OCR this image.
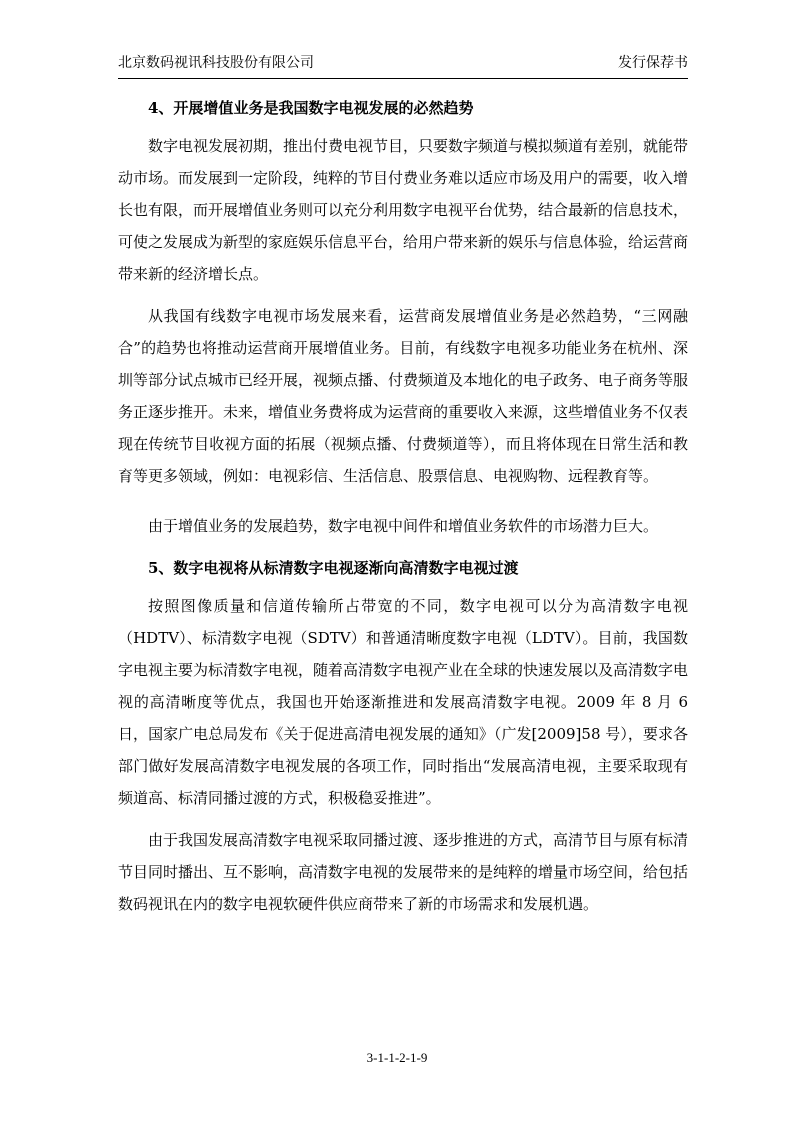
北京数码视讯科技股份有限公司	发行保荐书
4、开展增值业务是我国数字电视发展的必然趋势

数字电视发展初期，推出付费电视节目，只要数字频道与模拟频道有差别，就能带动市场。而发展到一定阶段，纯粹的节目付费业务难以适应市场及用户的需要，收入增长也有限，而开展增值业务则可以充分利用数字电视平台优势，结合最新的信息技术，可使之发展成为新型的家庭娱乐信息平台，给用户带来新的娱乐与信息体验，给运营商带来新的经济增长点。

从我国有线数字电视市场发展来看，运营商发展增值业务是必然趋势，“三网融合”的趋势也将推动运营商开展增值业务。目前，有线数字电视多功能业务在杭州、深圳等部分试点城市已经开展，视频点播、付费频道及本地化的电子政务、电子商务等服务正逐步推开。未来，增值业务费将成为运营商的重要收入来源，这些增值业务不仅表现在传统节目收视方面的拓展（视频点播、付费频道等），而且将体现在日常生活和教育等更多领域，例如：电视彩信、生活信息、股票信息、电视购物、远程教育等。

由于增值业务的发展趋势，数字电视中间件和增值业务软件的市场潜力巨大。

5、数字电视将从标清数字电视逐渐向高清数字电视过渡

按照图像质量和信道传输所占带宽的不同，数字电视可以分为高清数字电视（HDTV）、标清数字电视（SDTV）和普通清晰度数字电视（LDTV）。目前，我国数字电视主要为标清数字电视，随着高清数字电视产业在全球的快速发展以及高清数字电视的高清晰度等优点，我国也开始逐渐推进和发展高清数字电视。2009 年 8 月 6 日，国家广电总局发布《关于促进高清电视发展的通知》（广发[2009]58 号），要求各部门做好发展高清数字电视发展的各项工作，同时指出“发展高清电视，主要采取现有频道高、标清同播过渡的方式，积极稳妥推进”。

由于我国发展高清数字电视采取同播过渡、逐步推进的方式，高清节目与原有标清节目同时播出、互不影响，高清数字电视的发展带来的是纯粹的增量市场空间，给包括数码视讯在内的数字电视软硬件供应商带来了新的市场需求和发展机遇。

3-1-1-2-1-9
